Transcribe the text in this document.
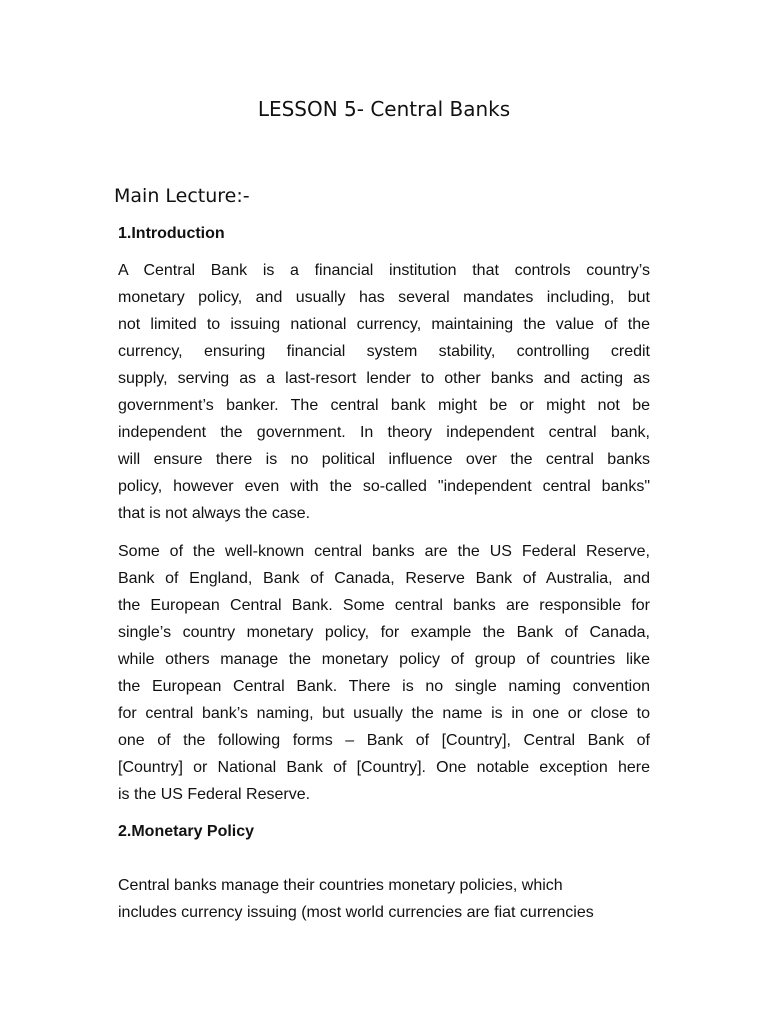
LESSON 5- Central Banks
Main Lecture:-
1.Introduction
A Central Bank is a financial institution that controls country’s
monetary policy, and usually has several mandates including, but
not limited to issuing national currency, maintaining the value of the
currency, ensuring financial system stability, controlling credit
supply, serving as a last-resort lender to other banks and acting as
government’s banker. The central bank might be or might not be
independent the government. In theory independent central bank,
will ensure there is no political influence over the central banks
policy, however even with the so-called "independent central banks"
that is not always the case.
Some of the well-known central banks are the US Federal Reserve,
Bank of England, Bank of Canada, Reserve Bank of Australia, and
the European Central Bank. Some central banks are responsible for
single’s country monetary policy, for example the Bank of Canada,
while others manage the monetary policy of group of countries like
the European Central Bank. There is no single naming convention
for central bank’s naming, but usually the name is in one or close to
one of the following forms – Bank of [Country], Central Bank of
[Country] or National Bank of [Country]. One notable exception here
is the US Federal Reserve.
2.Monetary Policy
Central banks manage their countries monetary policies, which
includes currency issuing (most world currencies are fiat currencies
